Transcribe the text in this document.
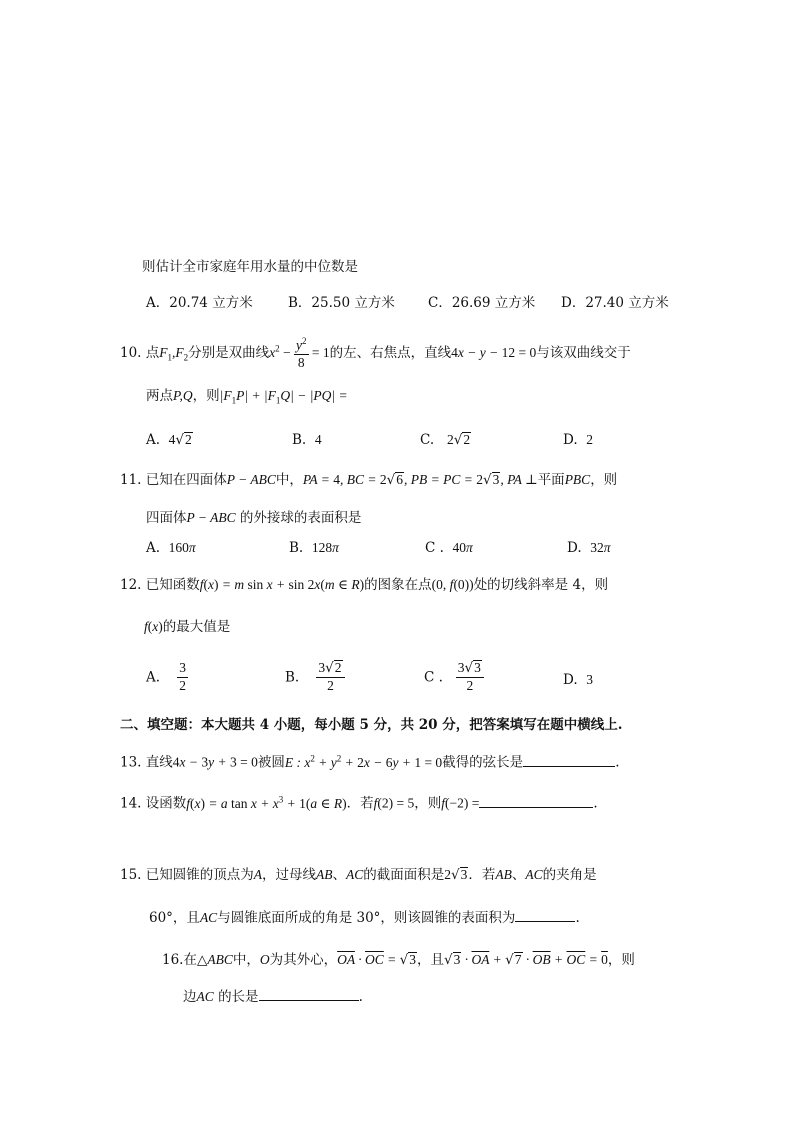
则估计全市家庭年用水量的中位数是
A．20.74 立方米	B．25.50 立方米 C．26.69 立方米 D．27.40 立方米
10. 点$F_1,F_2$分别是双曲线$x^2 - \frac{y^2}{8} = 1$的左、右焦点，直线4x − y − 12 = 0与该双曲线交于
两点P,Q，则$|F_1P| + |F_1Q| - |PQ|$ =
A. 4√2	B. 4	C. 2√2	D. 2
11. 已知在四面体P − ABC中，PA = 4, BC = 2√6, PB = PC = 2√3, PA ⊥平面PBC，则
四面体P − ABC 的外接球的表面积是
A. 160π	B. 128π	C . 40π	D. 32π
12. 已知函数f(x) = m sin x + sin 2x(m ∈ R)的图象在点(0, f(0))处的切线斜率是 4，则
f(x)的最大值是
A. $\frac{3}{2}$	B. $\frac{3√2}{2}$	C . $\frac{3√3}{2}$	D. 3
二、填空题：本大题共 4 小题，每小题 5 分，共 20 分，把答案填写在题中横线上.
13. 直线4x − 3y + 3 = 0被圆E : $x^2 + y^2 + 2x - 6y + 1 = 0$截得的弦长是	.
14. 设函数f(x) = a $\tan x + x^3 + 1(a$ ∈ R)．若f(2) = 5，则f(−2) =	.
15. 已知圆锥的顶点为A，过母线AB、AC的截面面积是2√3．若AB、AC的夹角是
60°，且AC与圆锥底面所成的角是 30°，则该圆锥的表面积为	.
16.在△ABC中，O为其外心，$\overline{OA} \cdot \overline{OC} = √3$，且$√3 \cdot \overline{OA} + √7 \cdot \overline{OB} + \overline{OC} = 0$，则
边AC 的长是	.
